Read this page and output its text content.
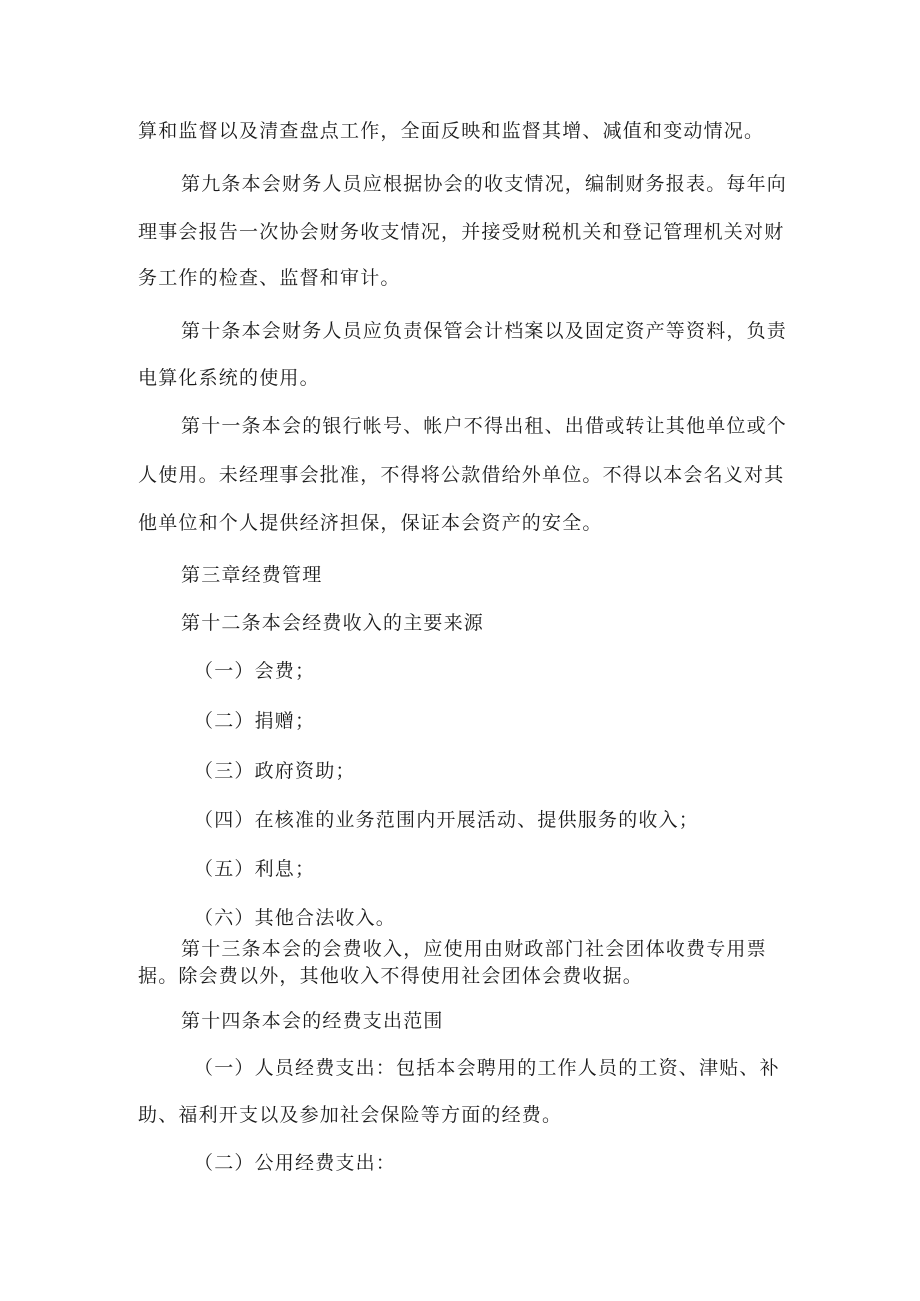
算和监督以及清查盘点工作，全面反映和监督其增、减值和变动情况。
第九条本会财务人员应根据协会的收支情况，编制财务报表。每年向
理事会报告一次协会财务收支情况，并接受财税机关和登记管理机关对财
务工作的检查、监督和审计。
第十条本会财务人员应负责保管会计档案以及固定资产等资料，负责
电算化系统的使用。
第十一条本会的银行帐号、帐户不得出租、出借或转让其他单位或个
人使用。未经理事会批准，不得将公款借给外单位。不得以本会名义对其
他单位和个人提供经济担保，保证本会资产的安全。
第三章经费管理
第十二条本会经费收入的主要来源
（一）会费；
（二）捐赠；
（三）政府资助；
（四）在核准的业务范围内开展活动、提供服务的收入；
（五）利息；
（六）其他合法收入。
第十三条本会的会费收入，应使用由财政部门社会团体收费专用票
据。除会费以外，其他收入不得使用社会团体会费收据。
第十四条本会的经费支出范围
（一）人员经费支出：包括本会聘用的工作人员的工资、津贴、补
助、福利开支以及参加社会保险等方面的经费。
（二）公用经费支出：
